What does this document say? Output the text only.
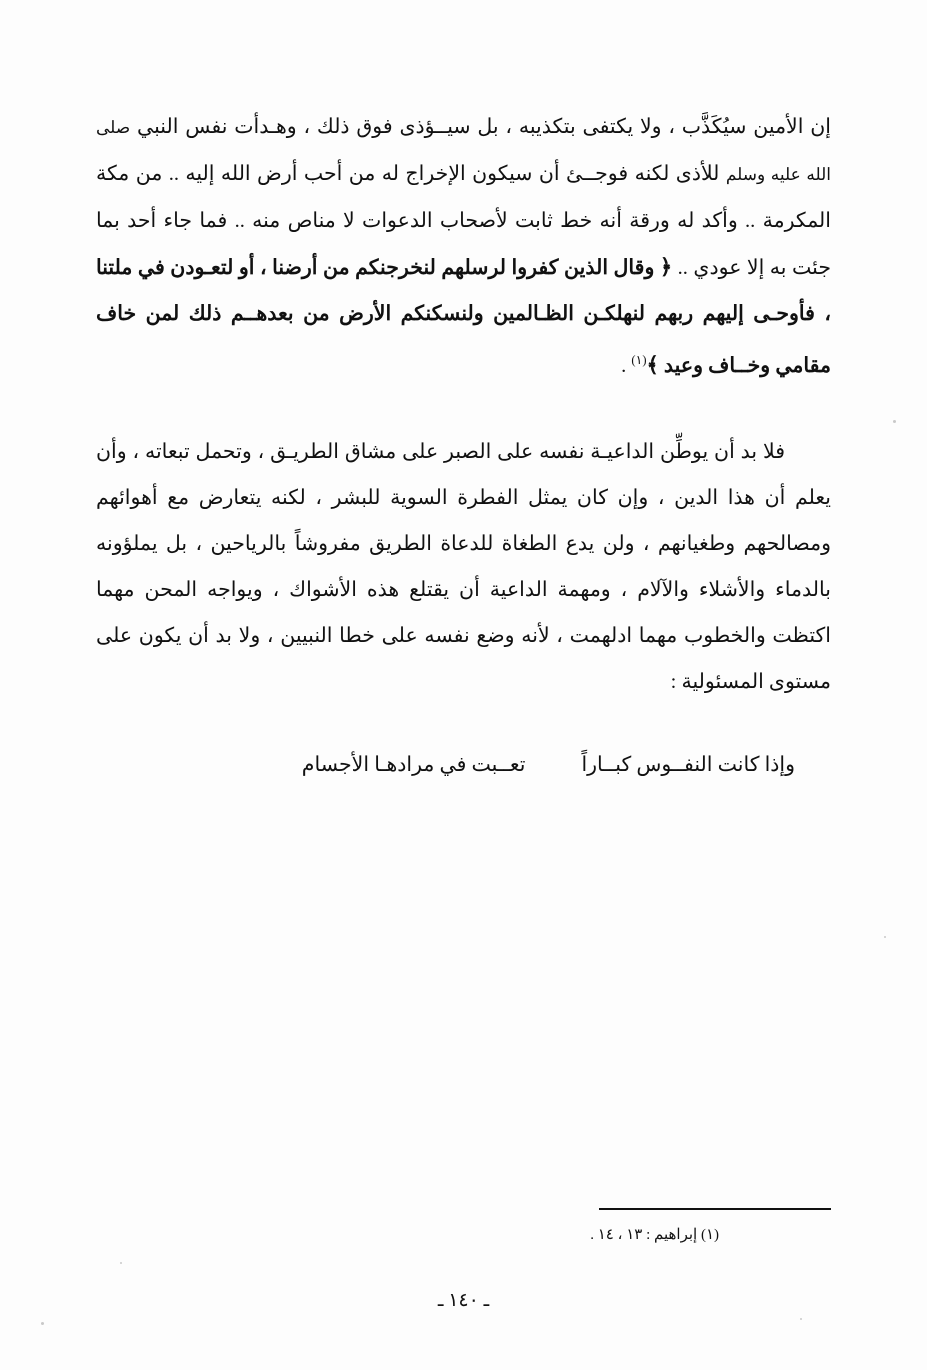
إن الأمين سيُكَذَّب ، ولا يكتفى بتكذيبه ، بل سيــؤذى فوق ذلك ، وهـدأت نفس النبي صلى الله عليه وسلم للأذى لكنه فوجــئ أن سيكون الإخراج له من أحب أرض الله إليه .. من مكة المكرمة .. وأكد له ورقة أنه خط ثابت لأصحاب الدعوات لا مناص منه .. فما جاء أحد بما جئت به إلا عودي .. ﴿ وقال الذين كفروا لرسلهم لنخرجنكم من أرضنا ، أو لتعـودن في ملتنا ، فأوحـى إليهم ربهم لنهلكـن الظـالمين ولنسكنكم الأرض من بعدهــم ذلك لمن خاف مقامي وخــاف وعيد ﴾$^{(١)}$ .

فلا بد أن يوطِّن الداعيـة نفسه على الصبر على مشاق الطريـق ، وتحمل تبعاته ، وأن يعلم أن هذا الدين ، وإن كان يمثل الفطرة السوية للبشر ، لكنه يتعارض مع أهوائهم ومصالحهم وطغيانهم ، ولن يدع الطغاة للدعاة الطريق مفروشاً بالرياحين ، بل يملؤونه بالدماء والأشلاء والآلام ، ومهمة الداعية أن يقتلع هذه الأشواك ، ويواجه المحن مهما اكتظت والخطوب مهما ادلهمت ، لأنه وضع نفسه على خطا النبيين ، ولا بد أن يكون على مستوى المسئولية :

وإذا كانت النفــوس كبــاراً
تعــبت في مرادهـا الأجسام
(١) إبراهيم : ١٣ ، ١٤ .
ـ ١٤٠ ـ
